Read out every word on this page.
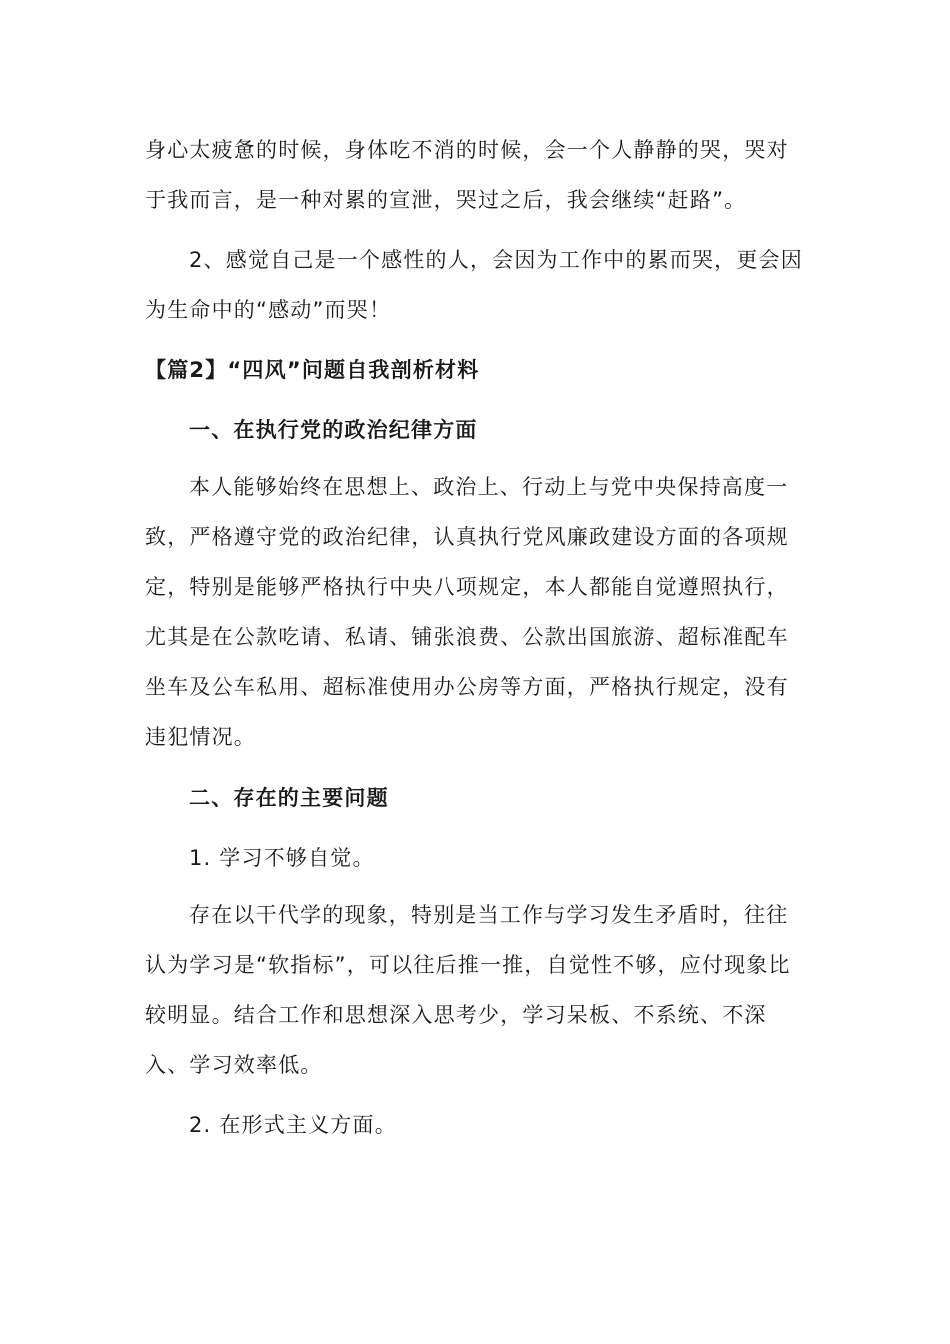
身心太疲惫的时候，身体吃不消的时候，会一个人静静的哭，哭对于我而言，是一种对累的宣泄，哭过之后，我会继续“赶路”。

2、感觉自己是一个感性的人，会因为工作中的累而哭，更会因为生命中的“感动”而哭！

【篇2】“四风”问题自我剖析材料

一、在执行党的政治纪律方面

本人能够始终在思想上、政治上、行动上与党中央保持高度一致，严格遵守党的政治纪律，认真执行党风廉政建设方面的各项规定，特别是能够严格执行中央八项规定，本人都能自觉遵照执行，尤其是在公款吃请、私请、铺张浪费、公款出国旅游、超标准配车坐车及公车私用、超标准使用办公房等方面，严格执行规定，没有违犯情况。

二、存在的主要问题

1. 学习不够自觉。

存在以干代学的现象，特别是当工作与学习发生矛盾时，往往认为学习是“软指标”，可以往后推一推，自觉性不够，应付现象比较明显。结合工作和思想深入思考少，学习呆板、不系统、不深入、学习效率低。

2. 在形式主义方面。
